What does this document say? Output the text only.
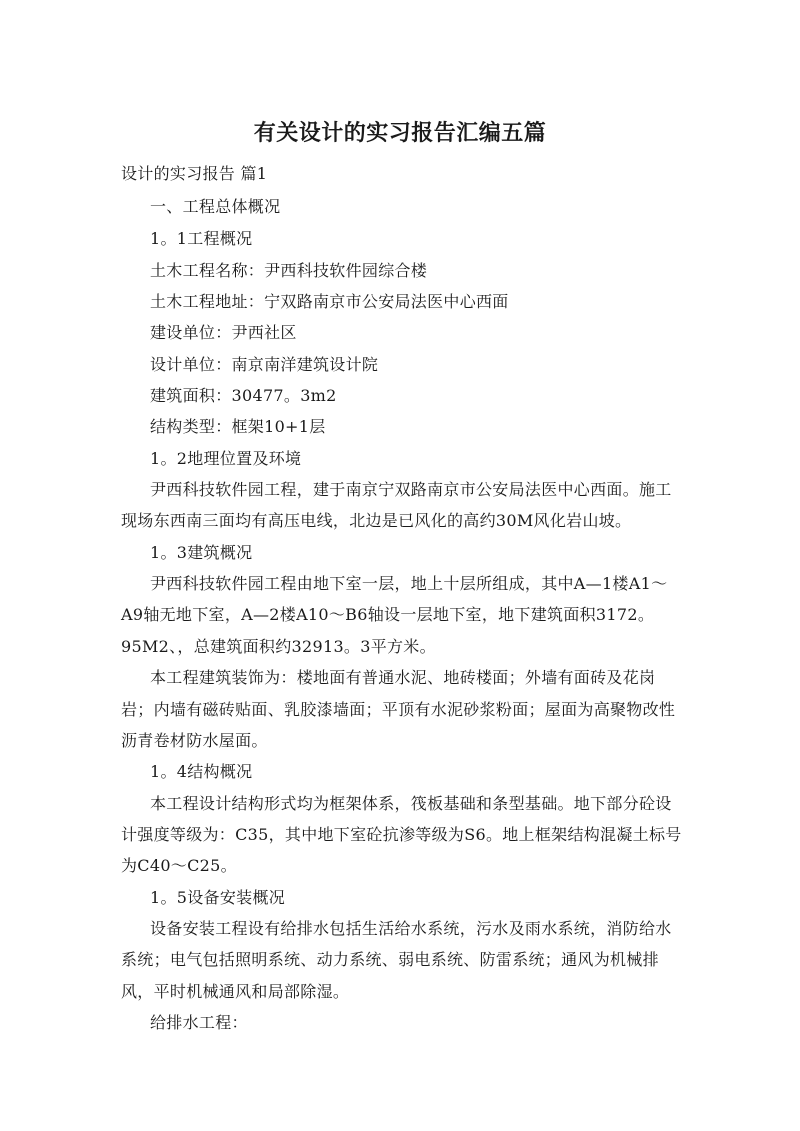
有关设计的实习报告汇编五篇
设计的实习报告 篇1
一、工程总体概况
1。1工程概况
土木工程名称：尹西科技软件园综合楼
土木工程地址：宁双路南京市公安局法医中心西面
建设单位：尹西社区
设计单位：南京南洋建筑设计院
建筑面积：30477。3m2
结构类型：框架10+1层
1。2地理位置及环境
尹西科技软件园工程，建于南京宁双路南京市公安局法医中心西面。施工
现场东西南三面均有高压电线，北边是已风化的高约30M风化岩山坡。
1。3建筑概况
尹西科技软件园工程由地下室一层，地上十层所组成，其中A—1楼A1～
A9轴无地下室，A—2楼A10～B6轴设一层地下室，地下建筑面积3172。
95M2、，总建筑面积约32913。3平方米。
本工程建筑装饰为：楼地面有普通水泥、地砖楼面；外墙有面砖及花岗
岩；内墙有磁砖贴面、乳胶漆墙面；平顶有水泥砂浆粉面；屋面为高聚物改性
沥青卷材防水屋面。
1。4结构概况
本工程设计结构形式均为框架体系，筏板基础和条型基础。地下部分砼设
计强度等级为：C35，其中地下室砼抗渗等级为S6。地上框架结构混凝土标号
为C40～C25。
1。5设备安装概况
设备安装工程设有给排水包括生活给水系统，污水及雨水系统，消防给水
系统；电气包括照明系统、动力系统、弱电系统、防雷系统；通风为机械排
风，平时机械通风和局部除湿。
给排水工程：
